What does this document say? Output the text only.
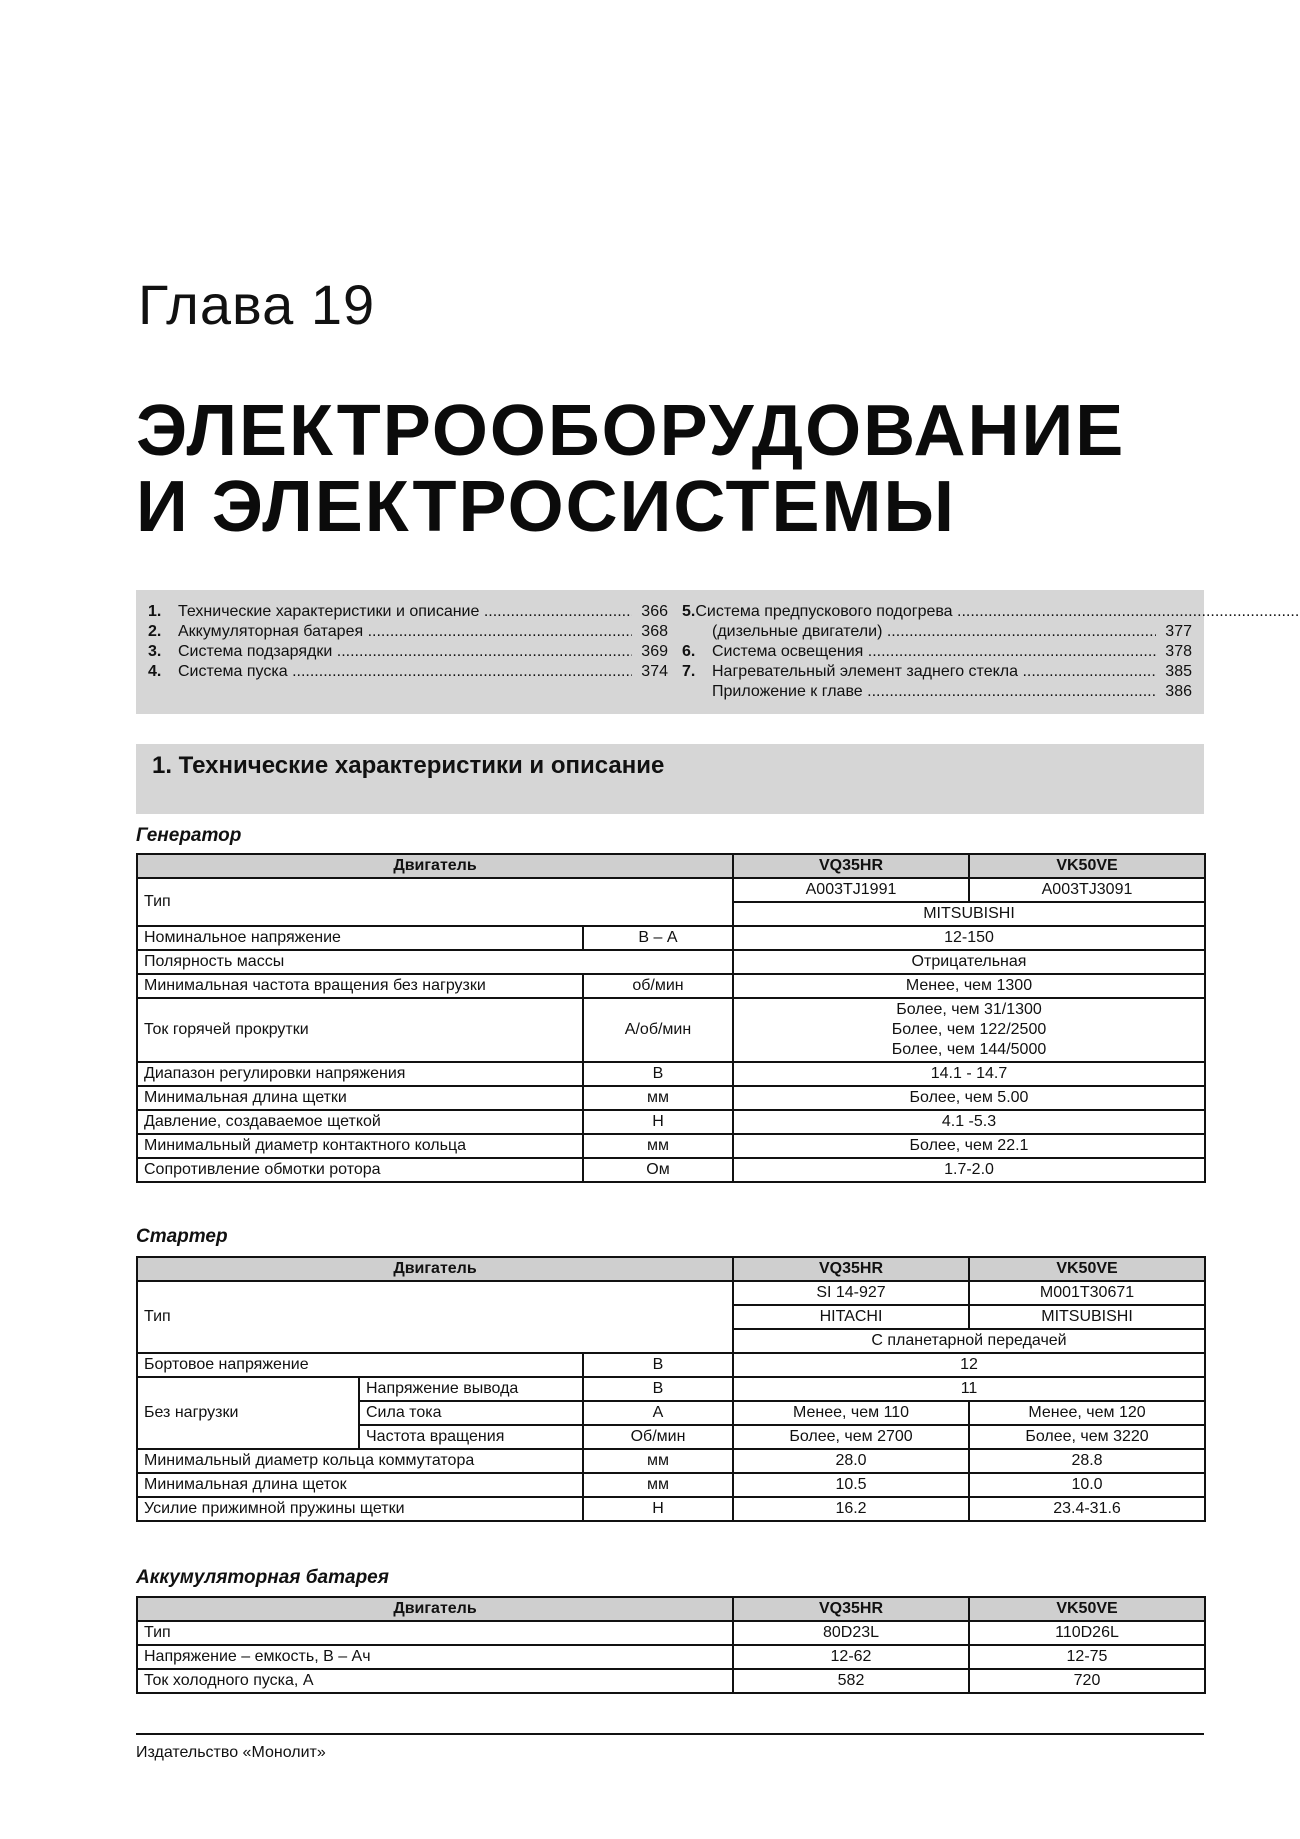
Глава 19
ЭЛЕКТРООБОРУДОВАНИЕ
И ЭЛЕКТРОСИСТЕМЫ
1.	Технические характеристики и описание .....	366
2.	Аккумуляторная батарея .....	368
3.	Система подзарядки .....	369
4.	Система пуска .....	374
5. Система предпускового подогрева .....
(дизельные двигатели) .....	377
6.	Система освещения .....	378
7.	Нагревательный элемент заднего стекла .....	385
Приложение к главе .....	386
1. Технические характеристики и описание
Генератор
Двигатель		VQ35HR	VK50VE
Тип		A003TJ1991	A003TJ3091
		MITSUBISHI	
Номинальное напряжение	В – А	12-150	
Полярность массы		Отрицательная	
Минимальная частота вращения без нагрузки	об/мин	Менее, чем 1300	
Ток горячей прокрутки	А/об/мин	Более, чем 31/1300
Более, чем 122/2500
Более, чем 144/5000	

Диапазон регулировки напряжения	В	14.1 - 14.7	
Минимальная длина щетки	мм	Более, чем 5.00	
Давление, создаваемое щеткой	Н	4.1 -5.3	
Минимальный диаметр контактного кольца	мм	Более, чем 22.1	
Сопротивление обмотки ротора	Ом	1.7-2.0	
Стартер
Двигатель			VQ35HR	VK50VE
Тип			SI 14-927	M001T30671
			HITACHI	MITSUBISHI
			С планетарной передачей	
Бортовое напряжение		В	12	
Без нагрузки	Напряжение вывода	В	11	
	Сила тока	А	Менее, чем 110	Менее, чем 120
	Частота вращения	Об/мин	Более, чем 2700	Более, чем 3220
Минимальный диаметр кольца коммутатора		мм	28.0	28.8
Минимальная длина щеток		мм	10.5	10.0
Усилие прижимной пружины щетки		Н	16.2	23.4-31.6
Аккумуляторная батарея
Двигатель	VQ35HR	VK50VE
Тип	80D23L	110D26L
Напряжение – емкость, В – Ач	12-62	12-75
Ток холодного пуска, А	582	720
Издательство «Монолит»
